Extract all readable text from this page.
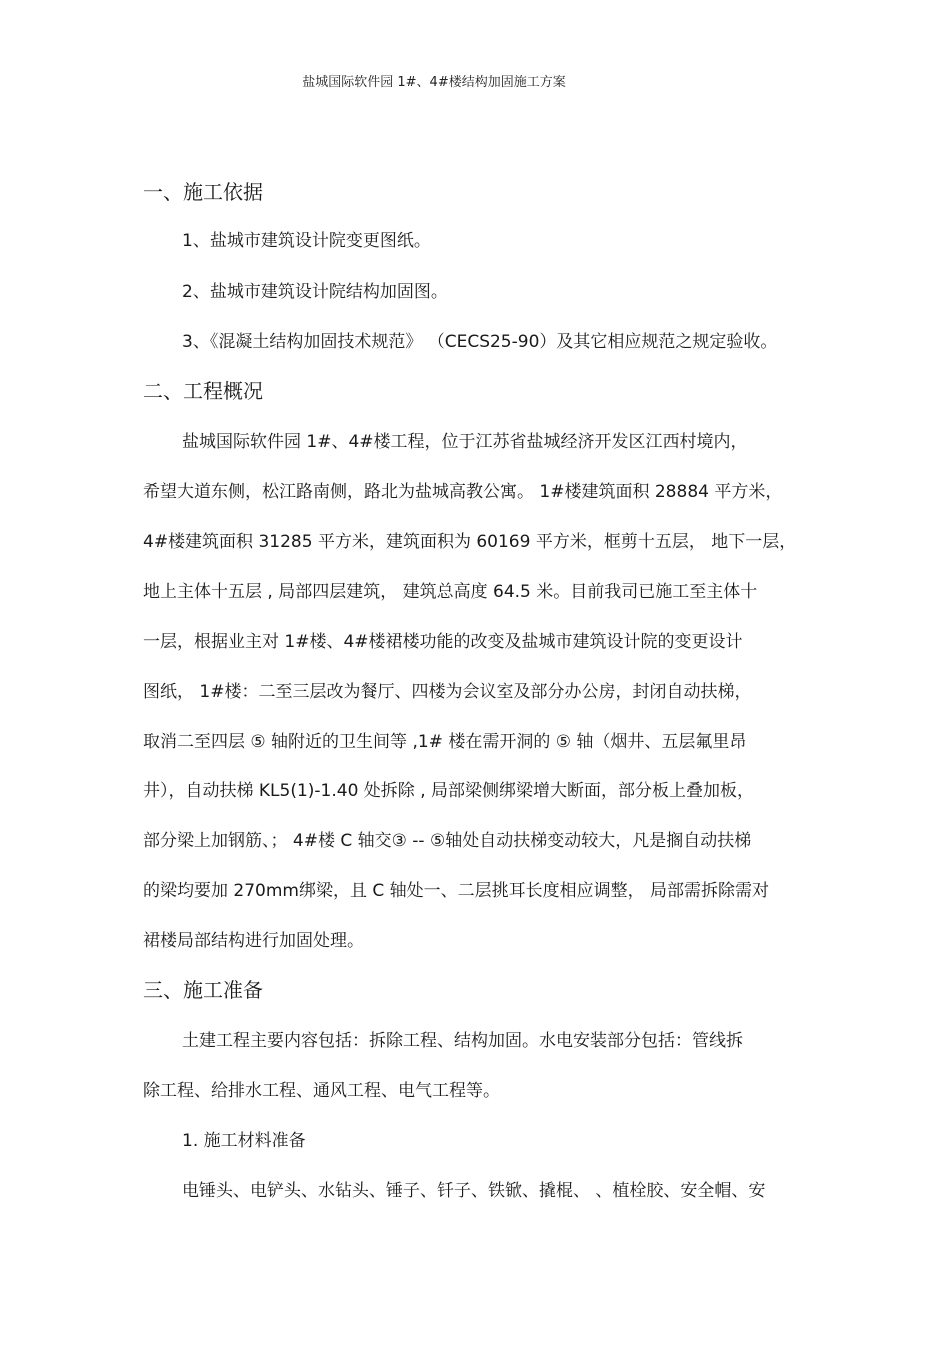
盐城国际软件园 1#、4#楼结构加固施工方案
一、施工依据
1、盐城市建筑设计院变更图纸。
2、盐城市建筑设计院结构加固图。
3、《混凝土结构加固技术规范》 （CECS25-90）及其它相应规范之规定验收。
二、工程概况
盐城国际软件园 1#、4#楼工程，位于江苏省盐城经济开发区江西村境内，
希望大道东侧，松江路南侧，路北为盐城高教公寓。 1#楼建筑面积 28884 平方米，
4#楼建筑面积 31285 平方米，建筑面积为 60169 平方米，框剪十五层， 地下一层，
地上主体十五层 , 局部四层建筑， 建筑总高度 64.5 米。目前我司已施工至主体十
一层，根据业主对 1#楼、4#楼裙楼功能的改变及盐城市建筑设计院的变更设计
图纸， 1#楼：二至三层改为餐厅、四楼为会议室及部分办公房，封闭自动扶梯，
取消二至四层 ⑤ 轴附近的卫生间等 ,1# 楼在需开洞的 ⑤ 轴（烟井、五层氟里昂
井），自动扶梯 KL5(1)-1.40 处拆除 , 局部梁侧绑梁增大断面，部分板上叠加板，
部分梁上加钢筋、； 4#楼 C 轴交③ -- ⑤轴处自动扶梯变动较大，凡是搁自动扶梯
的梁均要加 270mm绑梁，且 C 轴处一、二层挑耳长度相应调整， 局部需拆除需对
裙楼局部结构进行加固处理。
三、施工准备
土建工程主要内容包括：拆除工程、结构加固。水电安装部分包括：管线拆
除工程、给排水工程、通风工程、电气工程等。
1. 施工材料准备
电锤头、电铲头、水钻头、锤子、钎子、铁锨、撬棍、 、植栓胶、安全帽、安
